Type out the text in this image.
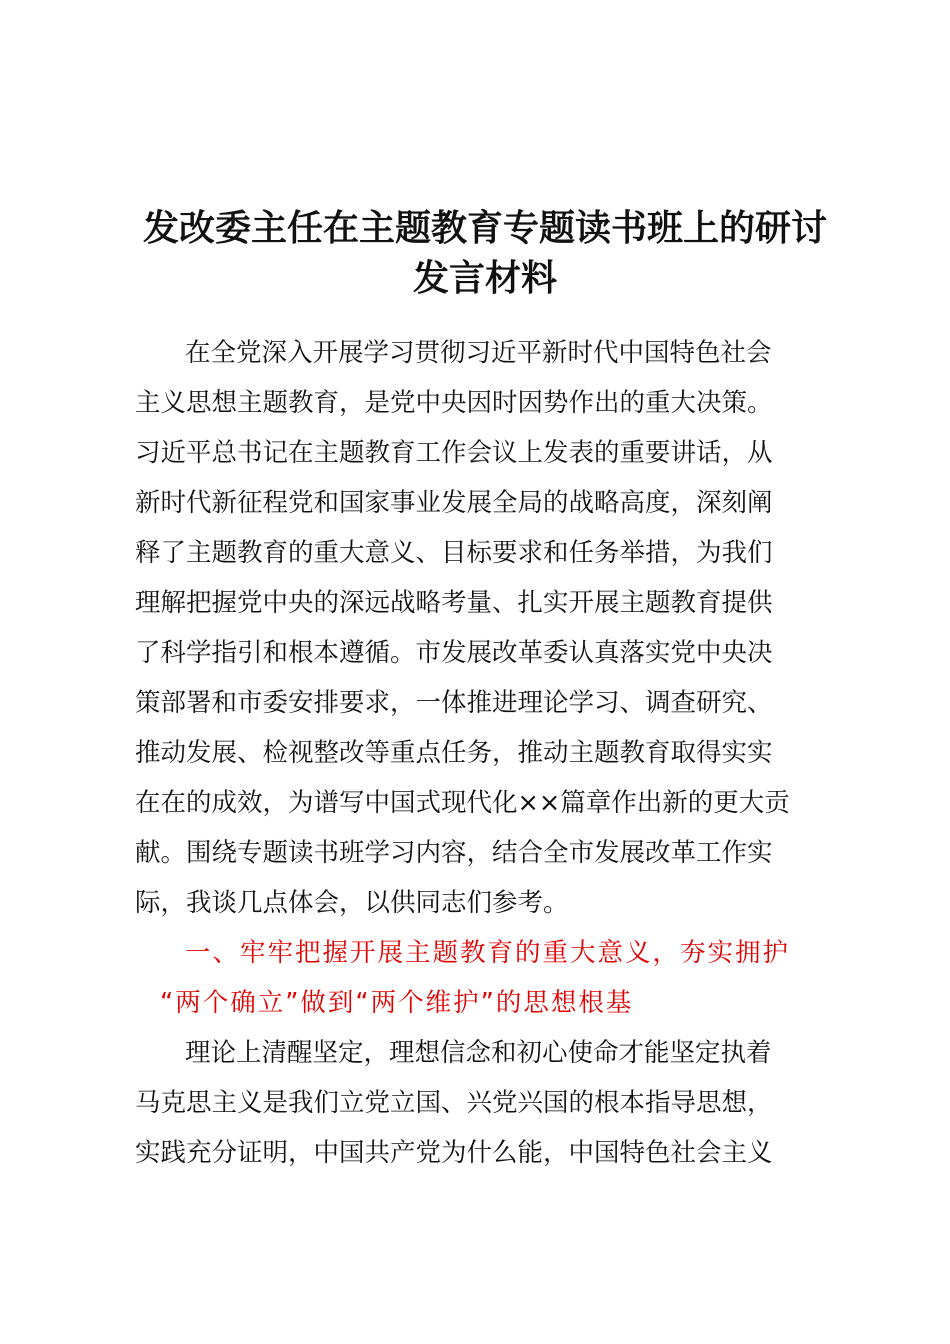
发改委主任在主题教育专题读书班上的研讨
发言材料
在全党深入开展学习贯彻习近平新时代中国特色社会
主义思想主题教育，是党中央因时因势作出的重大决策。
习近平总书记在主题教育工作会议上发表的重要讲话，从
新时代新征程党和国家事业发展全局的战略高度，深刻阐
释了主题教育的重大意义、目标要求和任务举措，为我们
理解把握党中央的深远战略考量、扎实开展主题教育提供
了科学指引和根本遵循。市发展改革委认真落实党中央决
策部署和市委安排要求，一体推进理论学习、调查研究、
推动发展、检视整改等重点任务，推动主题教育取得实实
在在的成效，为谱写中国式现代化××篇章作出新的更大贡
献。围绕专题读书班学习内容，结合全市发展改革工作实
际，我谈几点体会，以供同志们参考。
一、牢牢把握开展主题教育的重大意义，夯实拥护
“两个确立”做到“两个维护”的思想根基
理论上清醒坚定，理想信念和初心使命才能坚定执着
马克思主义是我们立党立国、兴党兴国的根本指导思想，
实践充分证明，中国共产党为什么能，中国特色社会主义
